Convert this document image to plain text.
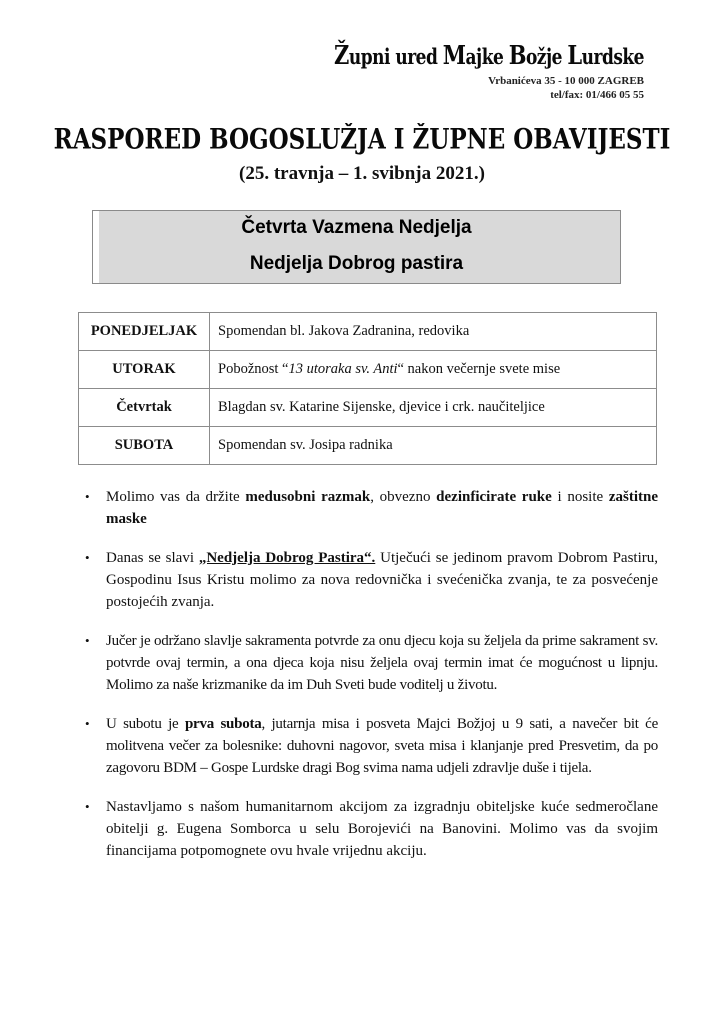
Župni ured Majke Božje Lurdske
Vrbanićeva 35 - 10 000 ZAGREB
tel/fax: 01/466 05 55
RASPORED BOGOSLUŽJA I ŽUPNE OBAVIJESTI
(25. travnja – 1. svibnja 2021.)
Četvrta Vazmena Nedjelja
Nedjelja Dobrog pastira
PONEDJELJAK	Spomendan bl. Jakova Zadranina, redovika
UTORAK	Pobožnost “13 utoraka sv. Anti“ nakon večernje svete mise
Četvrtak	Blagdan sv. Katarine Sijenske, djevice i crk. naučiteljice
SUBOTA	Spomendan sv. Josipa radnika
• Molimo vas da držite medusobni razmak, obvezno dezinficirate ruke i nosite zaštitne maske
• Danas se slavi „Nedjelja Dobrog Pastira“. Utječući se jedinom pravom Dobrom Pastiru, Gospodinu Isus Kristu molimo za nova redovnička i svećenička zvanja, te za posvećenje postojećih zvanja.
• Jučer je održano slavlje sakramenta potvrde za onu djecu koja su željela da prime sakrament sv. potvrde ovaj termin, a ona djeca koja nisu željela ovaj termin imat će mogućnost u lipnju. Molimo za naše krizmanike da im Duh Sveti bude voditelj u životu.
• U subotu je prva subota, jutarnja misa i posveta Majci Božjoj u 9 sati, a navečer bit će molitvena večer za bolesnike: duhovni nagovor, sveta misa i klanjanje pred Presvetim, da po zagovoru BDM – Gospe Lurdske dragi Bog svima nama udjeli zdravlje duše i tijela.
• Nastavljamo s našom humanitarnom akcijom za izgradnju obiteljske kuće sedmeročlane obitelji g. Eugena Somborca u selu Borojevići na Banovini. Molimo vas da svojim financijama potpomognete ovu hvale vrijednu akciju.
